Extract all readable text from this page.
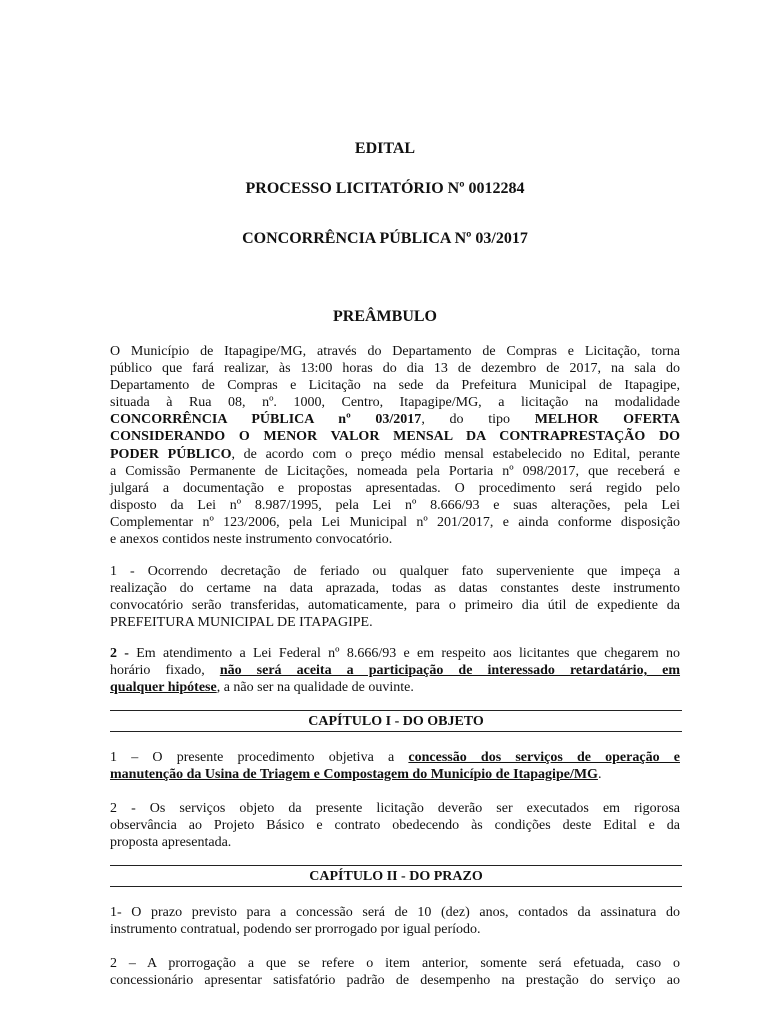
EDITAL
PROCESSO LICITATÓRIO Nº 0012284
CONCORRÊNCIA PÚBLICA Nº 03/2017
PREÂMBULO
O Município de Itapagipe/MG, através do Departamento de Compras e Licitação, torna
público que fará realizar, às 13:00 horas do dia 13 de dezembro de 2017, na sala do
Departamento de Compras e Licitação na sede da Prefeitura Municipal de Itapagipe,
situada à Rua 08, nº. 1000, Centro, Itapagipe/MG, a licitação na modalidade
CONCORRÊNCIA PÚBLICA nº 03/2017, do tipo MELHOR OFERTA
CONSIDERANDO O MENOR VALOR MENSAL DA CONTRAPRESTAÇÃO DO
PODER PÚBLICO, de acordo com o preço médio mensal estabelecido no Edital, perante
a Comissão Permanente de Licitações, nomeada pela Portaria nº 098/2017, que receberá e
julgará a documentação e propostas apresentadas. O procedimento será regido pelo
disposto da Lei nº 8.987/1995, pela Lei nº 8.666/93 e suas alterações, pela Lei
Complementar nº 123/2006, pela Lei Municipal nº 201/2017, e ainda conforme disposição
e anexos contidos neste instrumento convocatório.
1 - Ocorrendo decretação de feriado ou qualquer fato superveniente que impeça a
realização do certame na data aprazada, todas as datas constantes deste instrumento
convocatório serão transferidas, automaticamente, para o primeiro dia útil de expediente da
PREFEITURA MUNICIPAL DE ITAPAGIPE.
2 - Em atendimento a Lei Federal nº 8.666/93 e em respeito aos licitantes que chegarem no
horário fixado, não será aceita a participação de interessado retardatário, em
qualquer hipótese, a não ser na qualidade de ouvinte.
CAPÍTULO I - DO OBJETO
1 – O presente procedimento objetiva a concessão dos serviços de operação e
manutenção da Usina de Triagem e Compostagem do Município de Itapagipe/MG.
2 - Os serviços objeto da presente licitação deverão ser executados em rigorosa
observância ao Projeto Básico e contrato obedecendo às condições deste Edital e da
proposta apresentada.
CAPÍTULO II - DO PRAZO
1- O prazo previsto para a concessão será de 10 (dez) anos, contados da assinatura do
instrumento contratual, podendo ser prorrogado por igual período.
2 – A prorrogação a que se refere o item anterior, somente será efetuada, caso o
concessionário apresentar satisfatório padrão de desempenho na prestação do serviço ao
